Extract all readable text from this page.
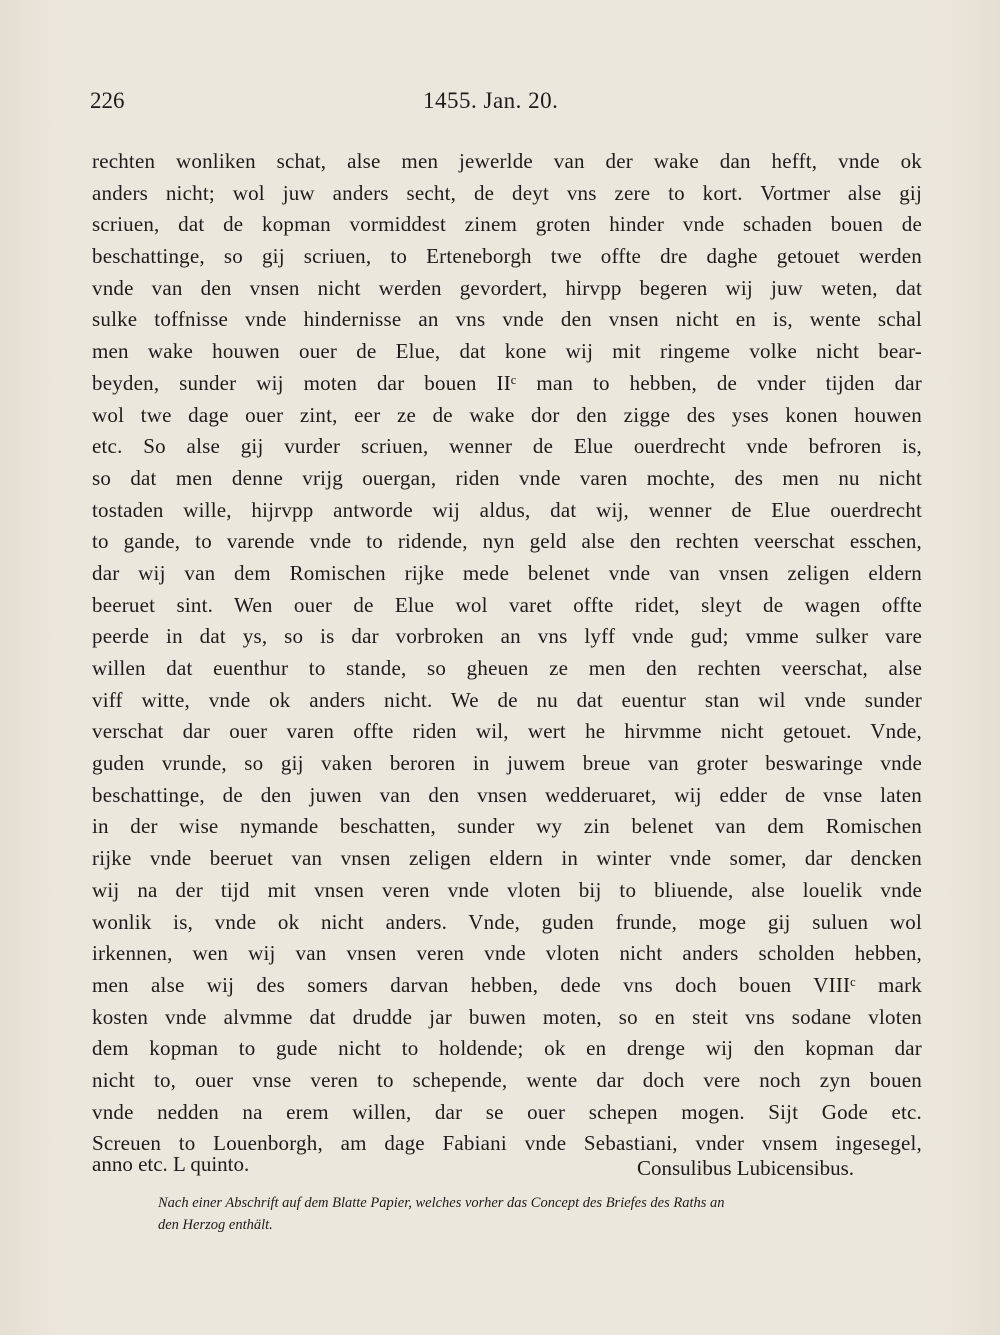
226	1455. Jan. 20.
rechten wonliken schat, alse men jewerlde van der wake dan hefft, vnde ok
anders nicht; wol juw anders secht, de deyt vns zere to kort. Vortmer alse gij
scriuen, dat de kopman vormiddest zinem groten hinder vnde schaden bouen de
beschattinge, so gij scriuen, to Erteneborgh twe offte dre daghe getouet werden
vnde van den vnsen nicht werden gevordert, hirvpp begeren wij juw weten, dat
sulke toffnisse vnde hindernisse an vns vnde den vnsen nicht en is, wente schal
men wake houwen ouer de Elue, dat kone wij mit ringeme volke nicht bear-
beyden, sunder wij moten dar bouen IIᶜ man to hebben, de vnder tijden dar
wol twe dage ouer zint, eer ze de wake dor den zigge des yses konen houwen
etc. So alse gij vurder scriuen, wenner de Elue ouerdrecht vnde befroren is,
so dat men denne vrijg ouergan, riden vnde varen mochte, des men nu nicht
tostaden wille, hijrvpp antworde wij aldus, dat wij, wenner de Elue ouerdrecht
to gande, to varende vnde to ridende, nyn geld alse den rechten veerschat esschen,
dar wij van dem Romischen rijke mede belenet vnde van vnsen zeligen eldern
beeruet sint. Wen ouer de Elue wol varet offte ridet, sleyt de wagen offte
peerde in dat ys, so is dar vorbroken an vns lyff vnde gud; vmme sulker vare
willen dat euenthur to stande, so gheuen ze men den rechten veerschat, alse
viff witte, vnde ok anders nicht. We de nu dat euentur stan wil vnde sunder
verschat dar ouer varen offte riden wil, wert he hirvmme nicht getouet. Vnde,
guden vrunde, so gij vaken beroren in juwem breue van groter beswaringe vnde
beschattinge, de den juwen van den vnsen wedderuaret, wij edder de vnse laten
in der wise nymande beschatten, sunder wy zin belenet van dem Romischen
rijke vnde beeruet van vnsen zeligen eldern in winter vnde somer, dar dencken
wij na der tijd mit vnsen veren vnde vloten bij to bliuende, alse louelik vnde
wonlik is, vnde ok nicht anders. Vnde, guden frunde, moge gij suluen wol
irkennen, wen wij van vnsen veren vnde vloten nicht anders scholden hebben,
men alse wij des somers darvan hebben, dede vns doch bouen VIIIᶜ mark
kosten vnde alvmme dat drudde jar buwen moten, so en steit vns sodane vloten
dem kopman to gude nicht to holdende; ok en drenge wij den kopman dar
nicht to, ouer vnse veren to schepende, wente dar doch vere noch zyn bouen
vnde nedden na erem willen, dar se ouer schepen mogen. Sijt Gode etc.
Screuen to Louenborgh, am dage Fabiani vnde Sebastiani, vnder vnsem ingesegel,
anno etc. L quinto.	Consulibus Lubicensibus.
Nach einer Abschrift auf dem Blatte Papier, welches vorher das Concept des Briefes des Raths an
den Herzog enthält.
